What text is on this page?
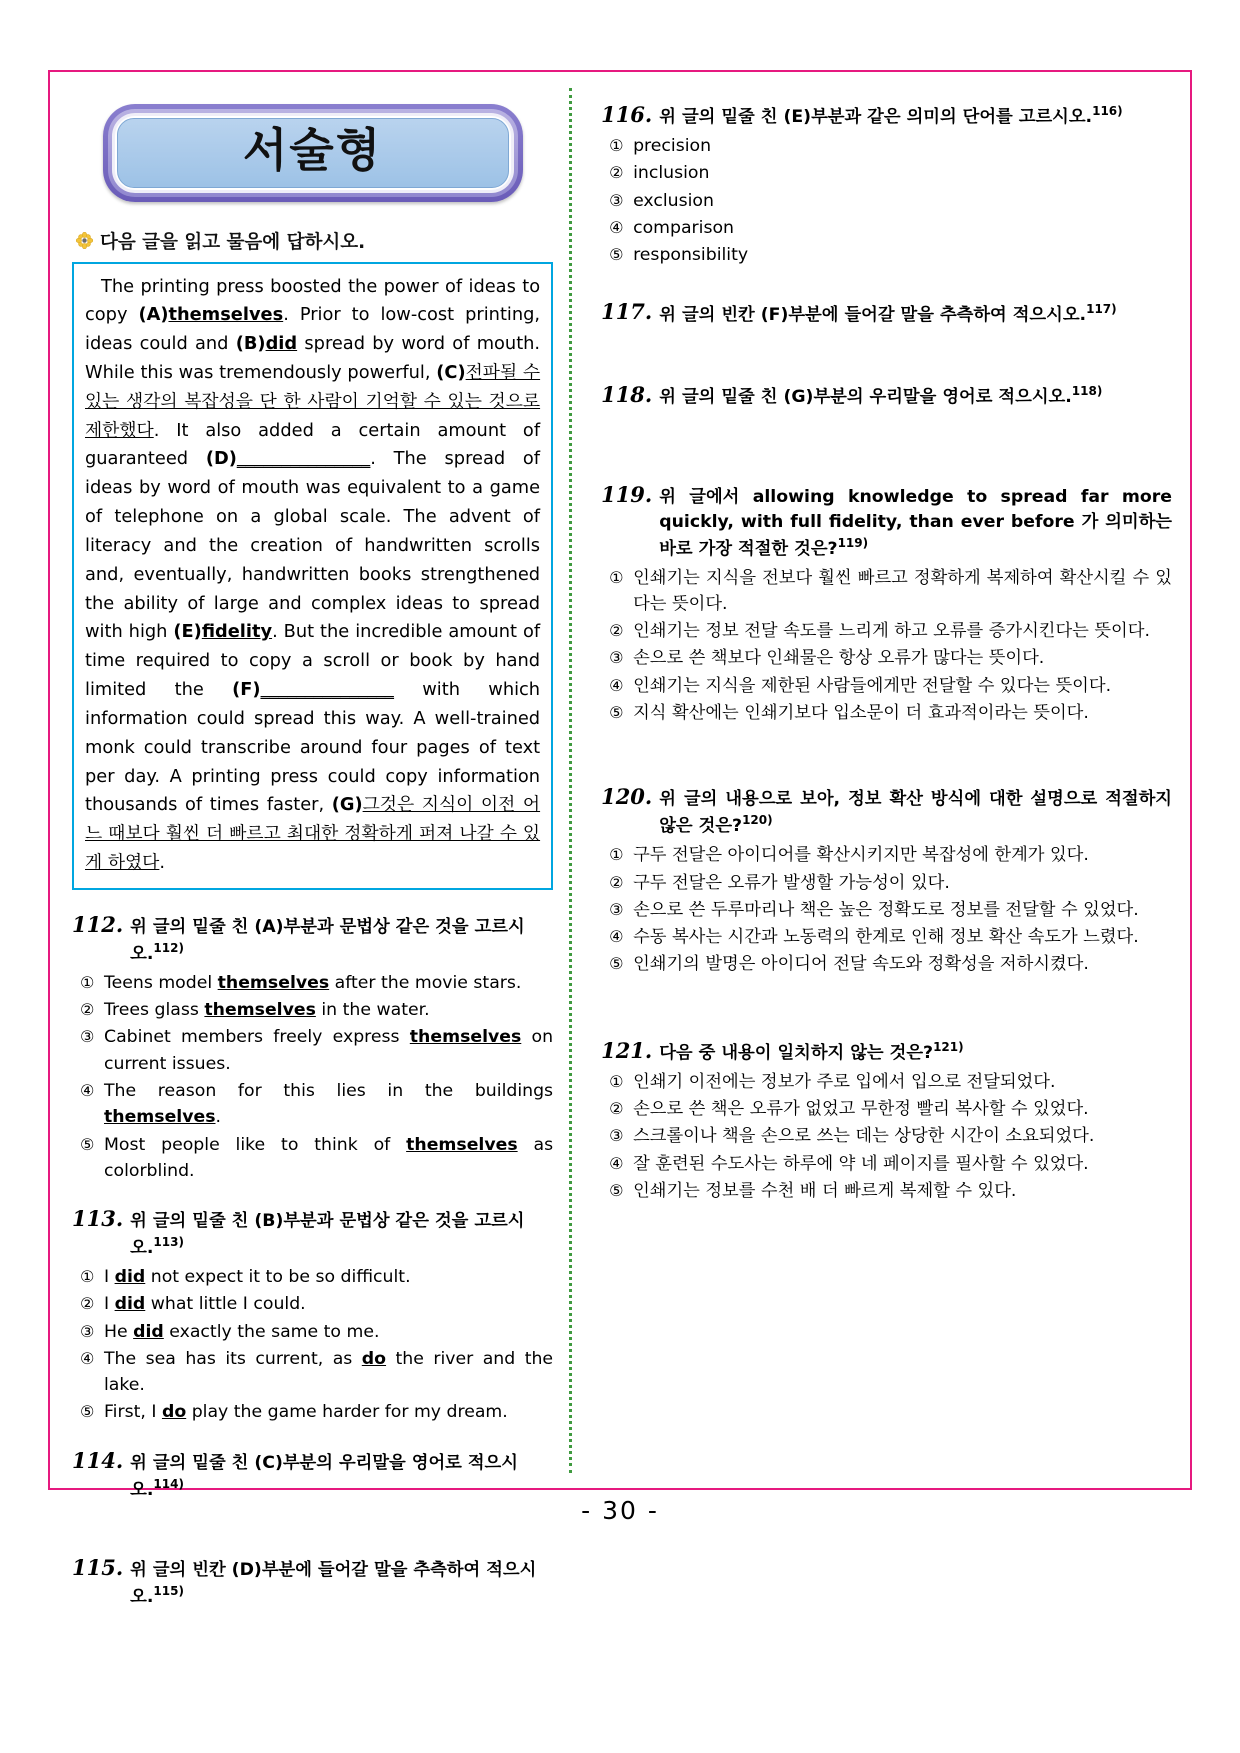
서술형
다음 글을 읽고 물음에 답하시오.
The printing press boosted the power of ideas to copy (A)themselves. Prior to low-cost printing, ideas could and (B)did spread by word of mouth. While this was tremendously powerful, (C)전파될 수 있는 생각의 복잡성을 단 한 사람이 기억할 수 있는 것으로 제한했다. It also added a certain amount of guaranteed (D)_______________. The spread of ideas by word of mouth was equivalent to a game of telephone on a global scale. The advent of literacy and the creation of handwritten scrolls and, eventually, handwritten books strengthened the ability of large and complex ideas to spread with high (E)fidelity. But the incredible amount of time required to copy a scroll or book by hand limited the (F)_______________ with which information could spread this way. A well-trained monk could transcribe around four pages of text per day. A printing press could copy information thousands of times faster, (G)그것은 지식이 이전 어느 때보다 훨씬 더 빠르고 최대한 정확하게 퍼져 나갈 수 있게 하였다.
112. 위 글의 밑줄 친 (A)부분과 문법상 같은 것을 고르시오.$^{112)}$
① Teens model themselves after the movie stars.
② Trees glass themselves in the water.
③ Cabinet members freely express themselves on current issues.
④ The reason for this lies in the buildings themselves.
⑤ Most people like to think of themselves as colorblind.
113. 위 글의 밑줄 친 (B)부분과 문법상 같은 것을 고르시오.$^{113)}$
① I did not expect it to be so difficult.
② I did what little I could.
③ He did exactly the same to me.
④ The sea has its current, as do the river and the lake.
⑤ First, I do play the game harder for my dream.
114. 위 글의 밑줄 친 (C)부분의 우리말을 영어로 적으시오.$^{114)}$
115. 위 글의 빈칸 (D)부분에 들어갈 말을 추측하여 적으시오.$^{115)}$
116. 위 글의 밑줄 친 (E)부분과 같은 의미의 단어를 고르시오.$^{116)}$
① precision
② inclusion
③ exclusion
④ comparison
⑤ responsibility
117. 위 글의 빈칸 (F)부분에 들어갈 말을 추측하여 적으시오.$^{117)}$
118. 위 글의 밑줄 친 (G)부분의 우리말을 영어로 적으시오.$^{118)}$
119. 위 글에서 allowing knowledge to spread far more quickly, with full fidelity, than ever before 가 의미하는 바로 가장 적절한 것은?$^{119)}$
① 인쇄기는 지식을 전보다 훨씬 빠르고 정확하게 복제하여 확산시킬 수 있다는 뜻이다.
② 인쇄기는 정보 전달 속도를 느리게 하고 오류를 증가시킨다는 뜻이다.
③ 손으로 쓴 책보다 인쇄물은 항상 오류가 많다는 뜻이다.
④ 인쇄기는 지식을 제한된 사람들에게만 전달할 수 있다는 뜻이다.
⑤ 지식 확산에는 인쇄기보다 입소문이 더 효과적이라는 뜻이다.
120. 위 글의 내용으로 보아, 정보 확산 방식에 대한 설명으로 적절하지 않은 것은?$^{120)}$
① 구두 전달은 아이디어를 확산시키지만 복잡성에 한계가 있다.
② 구두 전달은 오류가 발생할 가능성이 있다.
③ 손으로 쓴 두루마리나 책은 높은 정확도로 정보를 전달할 수 있었다.
④ 수동 복사는 시간과 노동력의 한계로 인해 정보 확산 속도가 느렸다.
⑤ 인쇄기의 발명은 아이디어 전달 속도와 정확성을 저하시켰다.
121. 다음 중 내용이 일치하지 않는 것은?$^{121)}$
① 인쇄기 이전에는 정보가 주로 입에서 입으로 전달되었다.
② 손으로 쓴 책은 오류가 없었고 무한정 빨리 복사할 수 있었다.
③ 스크롤이나 책을 손으로 쓰는 데는 상당한 시간이 소요되었다.
④ 잘 훈련된 수도사는 하루에 약 네 페이지를 필사할 수 있었다.
⑤ 인쇄기는 정보를 수천 배 더 빠르게 복제할 수 있다.
- 30 -
